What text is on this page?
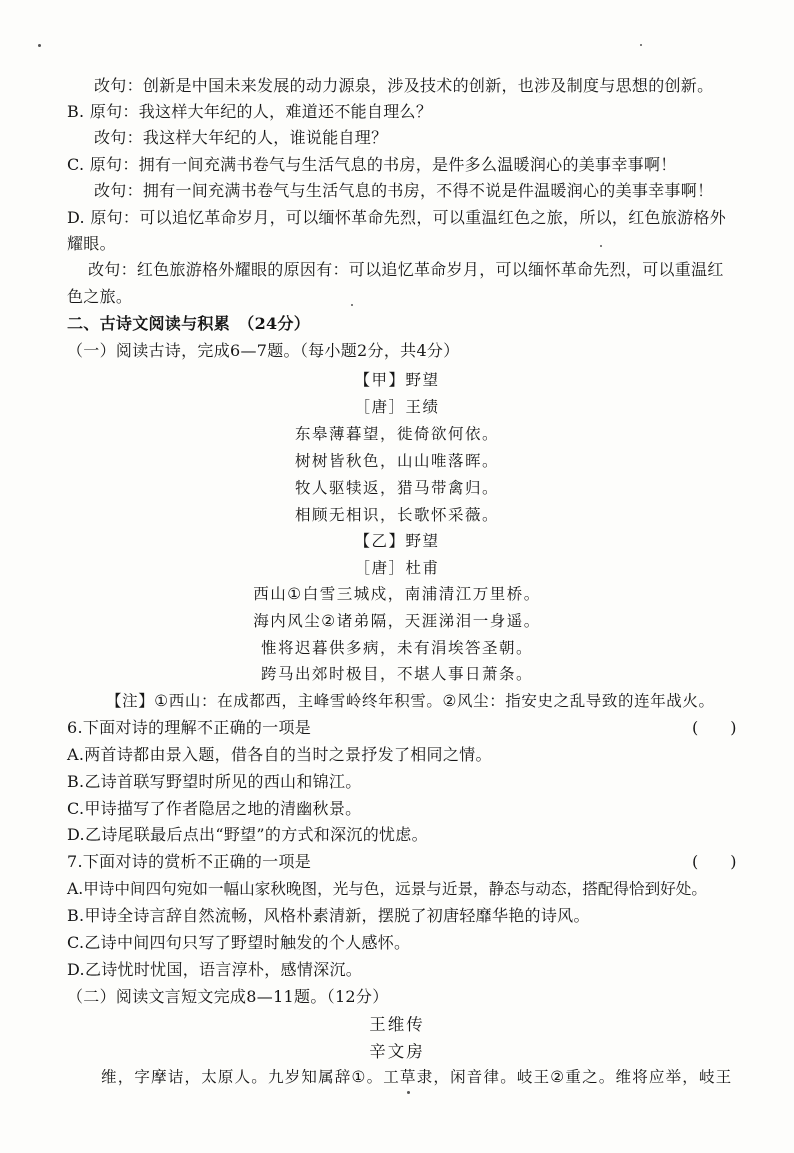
改句：创新是中国未来发展的动力源泉，涉及技术的创新，也涉及制度与思想的创新。
B. 原句：我这样大年纪的人，难道还不能自理么？
改句：我这样大年纪的人，谁说能自理？
C. 原句：拥有一间充满书卷气与生活气息的书房，是件多么温暖润心的美事幸事啊！
改句：拥有一间充满书卷气与生活气息的书房，不得不说是件温暖润心的美事幸事啊！
D. 原句：可以追忆革命岁月，可以缅怀革命先烈，可以重温红色之旅，所以，红色旅游格外
耀眼。
改句：红色旅游格外耀眼的原因有：可以追忆革命岁月，可以缅怀革命先烈，可以重温红
色之旅。
二、古诗文阅读与积累　（24分）
（一）阅读古诗，完成6—7题。（每小题2分，共4分）
【甲】野望
［唐］王绩
东皋薄暮望，徙倚欲何依。
树树皆秋色，山山唯落晖。
牧人驱犊返，猎马带禽归。
相顾无相识，长歌怀采薇。
【乙】野望
［唐］杜甫
西山①白雪三城戍，南浦清江万里桥。
海内风尘②诸弟隔，天涯涕泪一身遥。
惟将迟暮供多病，未有涓埃答圣朝。
跨马出郊时极目，不堪人事日萧条。
【注】①西山：在成都西，主峰雪岭终年积雪。②风尘：指安史之乱导致的连年战火。
6.下面对诗的理解不正确的一项是	(　　)
A.两首诗都由景入题，借各自的当时之景抒发了相同之情。
B.乙诗首联写野望时所见的西山和锦江。
C.甲诗描写了作者隐居之地的清幽秋景。
D.乙诗尾联最后点出“野望”的方式和深沉的忧虑。
7.下面对诗的赏析不正确的一项是	(　　)
A.甲诗中间四句宛如一幅山家秋晚图，光与色，远景与近景，静态与动态，搭配得恰到好处。
B.甲诗全诗言辞自然流畅，风格朴素清新，摆脱了初唐轻靡华艳的诗风。
C.乙诗中间四句只写了野望时触发的个人感怀。
D.乙诗忧时忧国，语言淳朴，感情深沉。
（二）阅读文言短文完成8—11题。（12分）
王维传
辛文房
维，字摩诘，太原人。九岁知属辞①。工草隶，闲音律。岐王②重之。维将应举，岐王
